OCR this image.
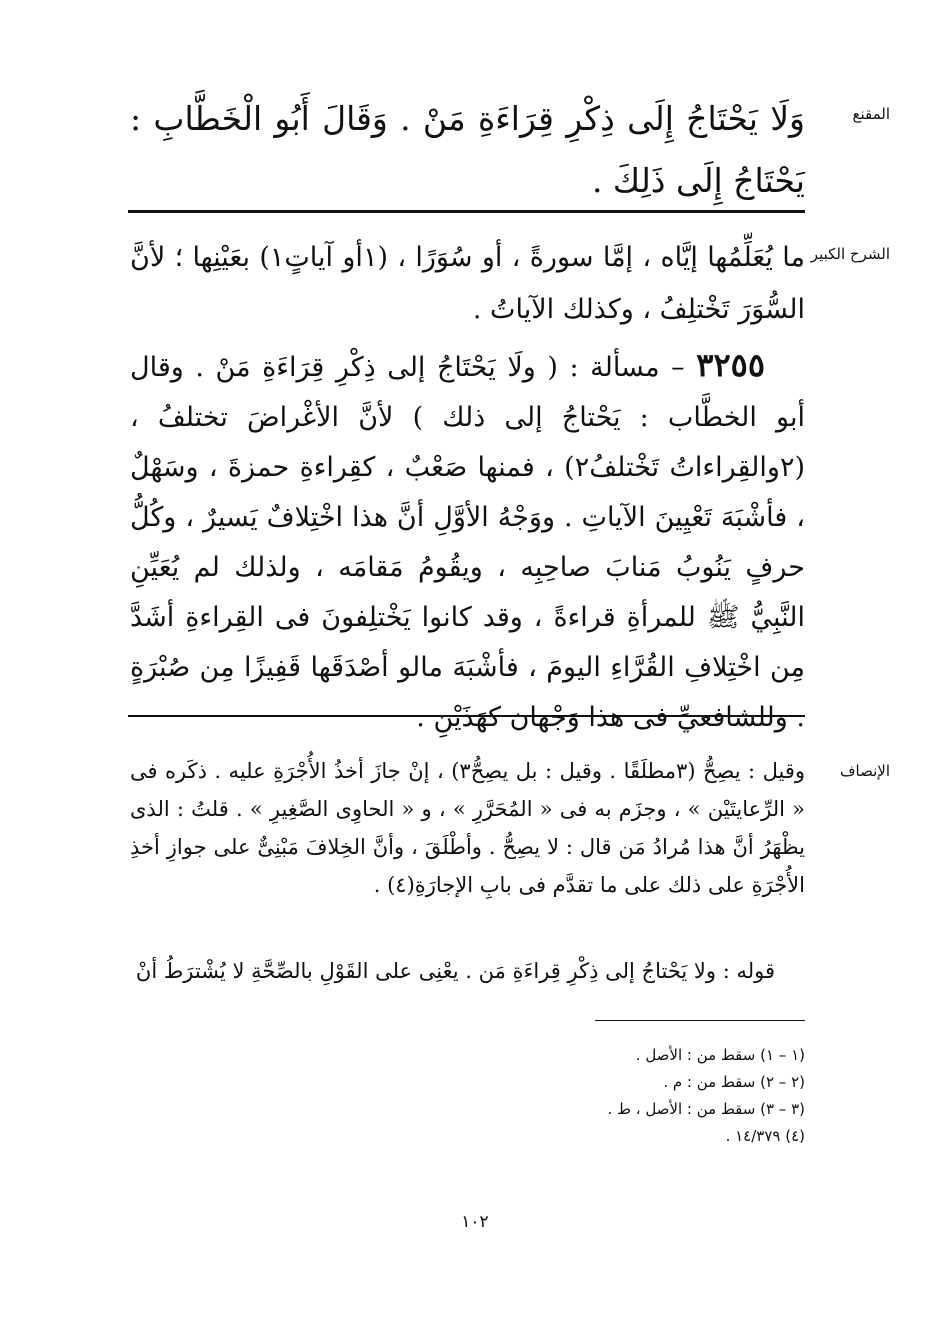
المقنع
وَلَا يَحْتَاجُ إِلَى ذِكْرِ قِرَاءَةِ مَنْ . وَقَالَ أَبُو الْخَطَّابِ : يَحْتَاجُ إِلَى ذَلِكَ .
الشرح الكبير
ما يُعَلِّمُها إيَّاه ، إمَّا سورةً ، أو سُوَرًا ، (١أو آياتٍ١) بعَيْنِها ؛ لأنَّ السُّوَرَ تَخْتلِفُ ، وكذلك الآياتُ .
٣٢٥٥ – مسألة : ( ولَا يَحْتَاجُ إلى ذِكْرِ قِرَاءَةِ مَنْ . وقال أبو الخطَّاب : يَحْتاجُ إلى ذلك ) لأنَّ الأغْراضَ تختلفُ ، (٢والقِراءاتُ تَخْتلفُ٢) ، فمنها صَعْبٌ ، كقِراءةِ حمزةَ ، وسَهْلٌ ، فأشْبَهَ تَعْيِينَ الآياتِ . ووَجْهُ الأوَّلِ أنَّ هذا اخْتِلافٌ يَسيرٌ ، وكُلُّ حرفٍ يَنُوبُ مَنابَ صاحِبِه ، ويقُومُ مَقامَه ، ولذلك لم يُعَيِّنِ النَّبِيُّ ﷺ للمرأةِ قراءةً ، وقد كانوا يَخْتلِفونَ فى القِراءةِ أشَدَّ مِن اخْتِلافِ القُرَّاءِ اليومَ ، فأشْبَهَ مالو أصْدَقَها قَفِيزًا مِن صُبْرَةٍ . وللشافعيِّ فى هذا وَجْهان كهَذَيْنِ .
الإنصاف
وقيل : يصِحُّ (٣مطلَقًا . وقيل : بل يصِحُّ٣) ، إنْ جازَ أخذُ الأُجْرَةِ عليه . ذكَره فى « الرِّعايتَيْن » ، وجزَم به فى « المُحَرَّرِ » ، و « الحاوِى الصَّغِيرِ » . قلتُ : الذى يظْهَرُ أنَّ هذا مُرادُ مَن قال : لا يصِحُّ . وأطْلَقَ ، وأنَّ الخِلافَ مَبْنِىٌّ على جوازِ أخذِ الأُجْرَةِ على ذلك على ما تقدَّم فى بابِ الإجارَةِ(٤) .
قوله : ولا يَحْتاجُ إلى ذِكْرِ قِراءَةِ مَن . يعْنِى على القَوْلِ بالصِّحَّةِ لا يُشْترَطُ أنْ
(١ – ١) سقط من : الأصل .
(٢ – ٢) سقط من : م .
(٣ – ٣) سقط من : الأصل ، ط .
(٤) ١٤/٣٧٩ .
١٠٢
